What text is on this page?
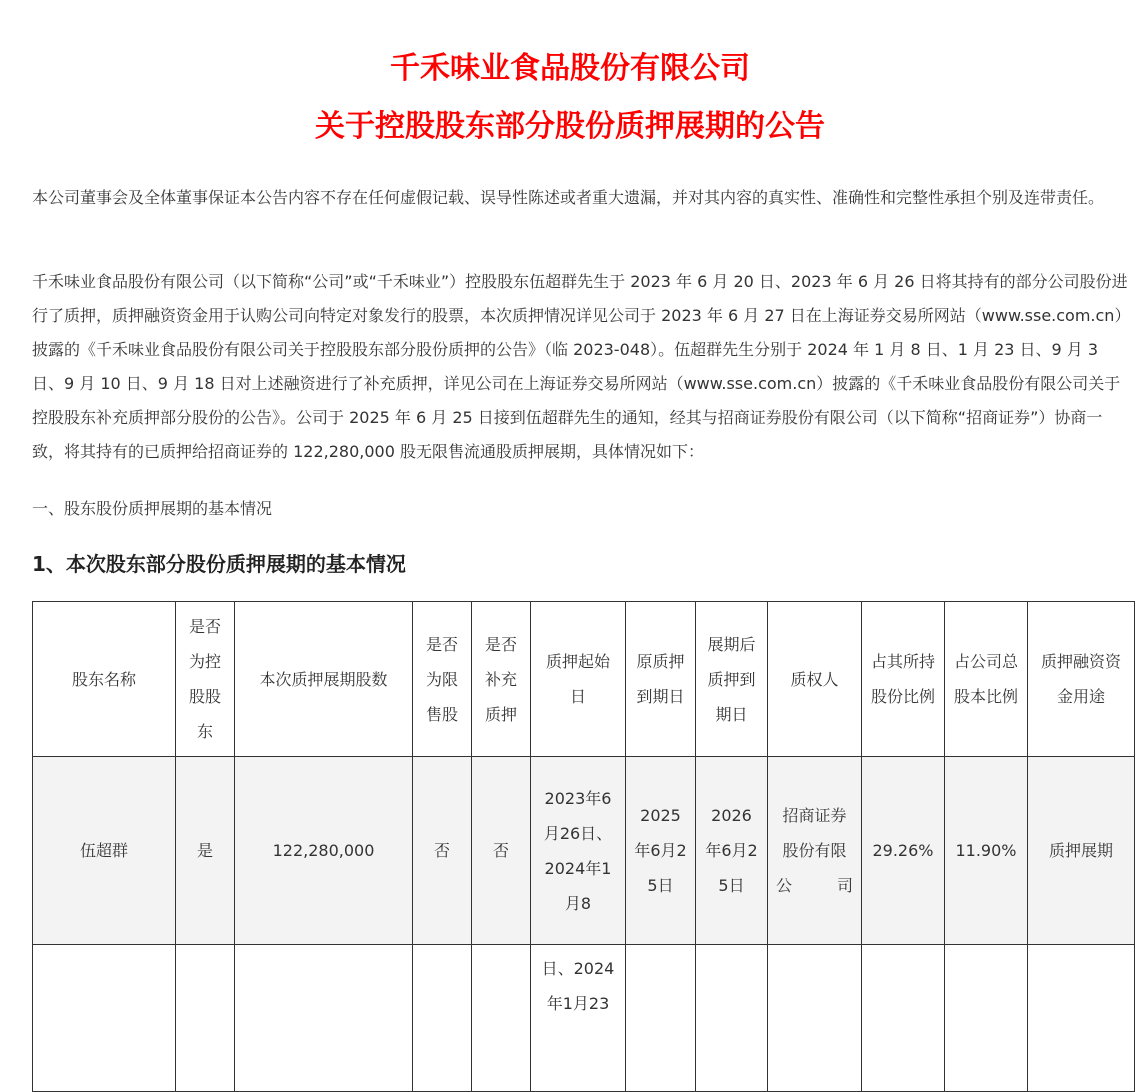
千禾味业食品股份有限公司
关于控股股东部分股份质押展期的公告
本公司董事会及全体董事保证本公告内容不存在任何虚假记载、误导性陈述或者重大遗漏，并对其内容的真实性、准确性和完整性承担个别及连带责任。
千禾味业食品股份有限公司（以下简称“公司”或“千禾味业”）控股股东伍超群先生于 2023 年 6 月 20 日、2023 年 6 月 26 日将其持有的部分公司股份进行了质押，质押融资资金用于认购公司向特定对象发行的股票，本次质押情况详见公司于 2023 年 6 月 27 日在上海证券交易所网站（www.sse.com.cn）披露的《千禾味业食品股份有限公司关于控股股东部分股份质押的公告》（临 2023-048）。伍超群先生分别于 2024 年 1 月 8 日、1 月 23 日、9 月 3 日、9 月 10 日、9 月 18 日对上述融资进行了补充质押，详见公司在上海证券交易所网站（www.sse.com.cn）披露的《千禾味业食品股份有限公司关于控股股东补充质押部分股份的公告》。公司于 2025 年 6 月 25 日接到伍超群先生的通知，经其与招商证券股份有限公司（以下简称“招商证券”）协商一致，将其持有的已质押给招商证券的 122,280,000 股无限售流通股质押展期，具体情况如下：
一、股东股份质押展期的基本情况
1、本次股东部分股份质押展期的基本情况
股东名称	是否为控股股东	本次质押展期股数	是否为限售股	是否补充质押	质押起始日	原质押到期日	展期后质押到期日	质权人	占其所持股份比例	占公司总股本比例	质押融资资金用途
伍超群	是	122,280,000	否	否	2023年6月26日、2024年1月8	2025年6月25日	2026年6月25日	招商证券股份有限公司	29.26%	11.90%	质押展期
					日、2024年1月23						
